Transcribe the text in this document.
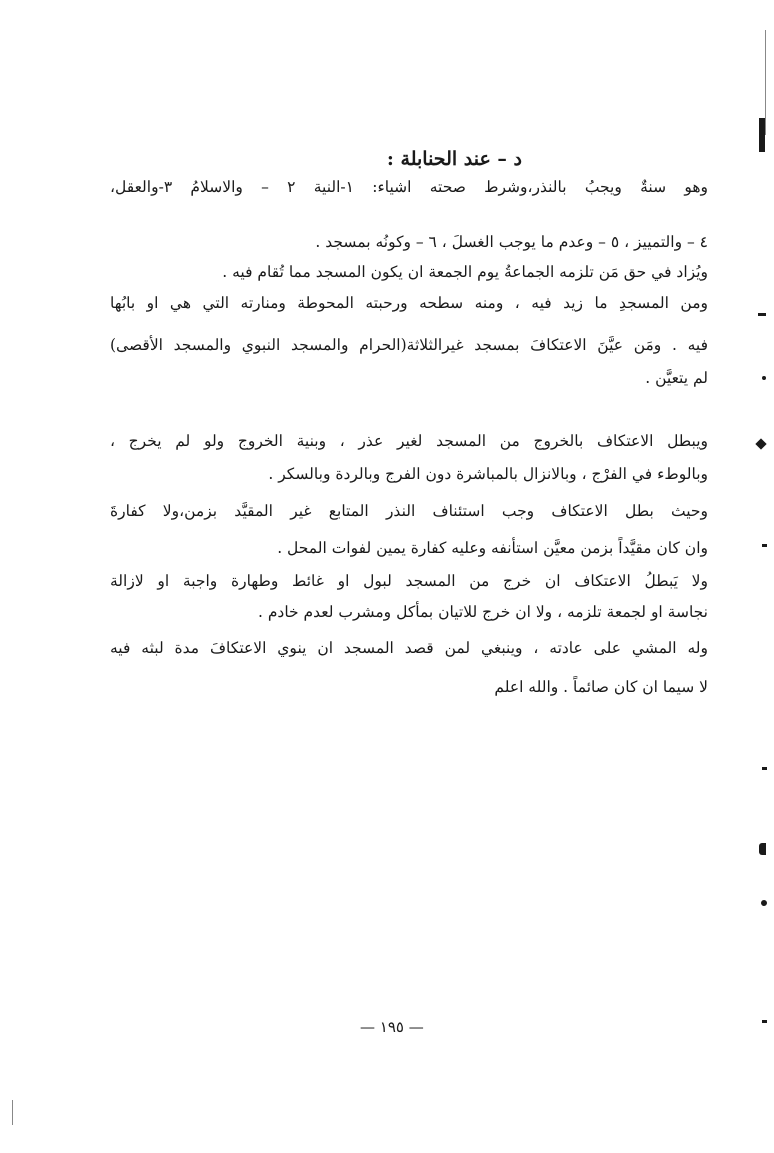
د – عند الحنابلة :
وهو سنةٌ ويجبُ بالنذر،وشرط صحته اشياء: ١-النية ٢ – والاسلامُ ٣-والعقل،
٤ – والتمييز ، ٥ – وعدم ما يوجب الغسلَ ، ٦ – وكونُه بمسجد .
ويُزاد في حق مَن تلزمه الجماعةُ يوم الجمعة ان يكون المسجد مما تُقام فيه .
ومن المسجدِ ما زيد فيه ، ومنه سطحه ورحبته المحوطة ومنارته التي هي او بابُها
فيه . ومَن عيَّنَ الاعتكافَ بمسجد غيرالثلاثة(الحرام والمسجد النبوي والمسجد الأقصى)
لم يتعيَّن .
ويبطل الاعتكاف بالخروج من المسجد لغير عذر ، وبنية الخروج ولو لم يخرج ،
وبالوطء في الفرْج ، وبالانزال بالمباشرة دون الفرج وبالردة وبالسكر .
وحيث بطل الاعتكاف وجب استئناف النذر المتابع غير المقيَّد بزمن،ولا كفارةَ
وان كان مقيَّداً بزمن معيَّن استأنفه وعليه كفارة يمين لفوات المحل .
ولا يَبطلُ الاعتكاف ان خرج من المسجد لبول او غائط وطهارة واجبة او لازالة
نجاسة او لجمعة تلزمه ، ولا ان خرج للاتيان بمأكل ومشرب لعدم خادم .
وله المشي على عادته ، وينبغي لمن قصد المسجد ان ينوي الاعتكافَ مدة لبثه فيه
لا سيما ان كان صائماً . والله اعلم
— ١٩٥ —
